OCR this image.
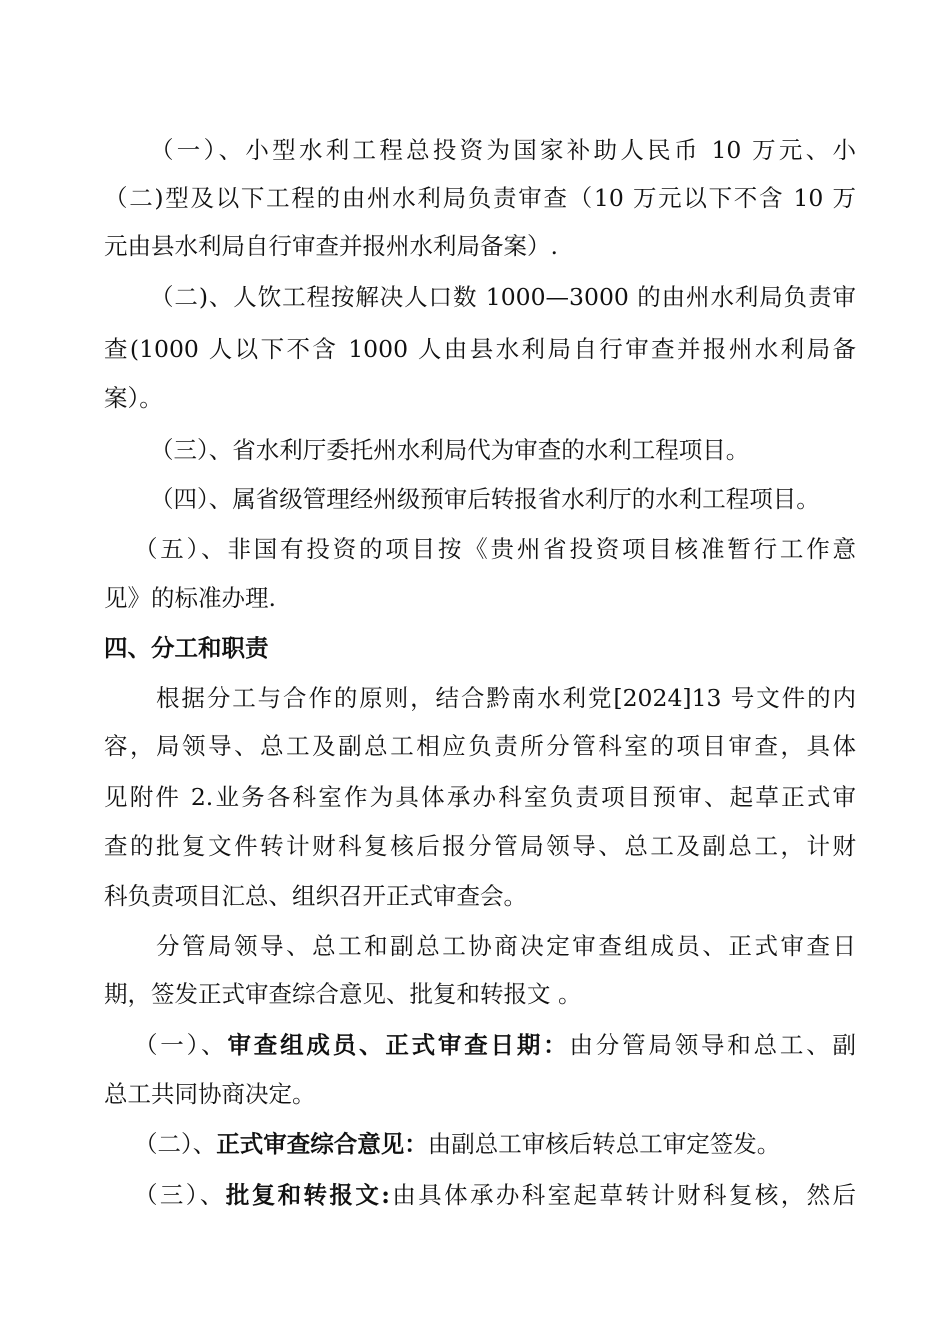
（一）、小型水利工程总投资为国家补助人民币 10 万元、小
（二)型及以下工程的由州水利局负责审查（10 万元以下不含 10 万
元由县水利局自行审查并报州水利局备案）.
（二)、人饮工程按解决人口数 1000—3000 的由州水利局负责审
查(1000 人以下不含 1000 人由县水利局自行审查并报州水利局备
案）。
（三）、省水利厅委托州水利局代为审查的水利工程项目。
（四）、属省级管理经州级预审后转报省水利厅的水利工程项目。
（五）、非国有投资的项目按《贵州省投资项目核准暂行工作意
见》的标准办理.
四、分工和职责
根据分工与合作的原则，结合黔南水利党[2024]13 号文件的内
容，局领导、总工及副总工相应负责所分管科室的项目审查，具体
见附件 2.业务各科室作为具体承办科室负责项目预审、起草正式审
查的批复文件转计财科复核后报分管局领导、总工及副总工，计财
科负责项目汇总、组织召开正式审查会。
分管局领导、总工和副总工协商决定审查组成员、正式审查日
期，签发正式审查综合意见、批复和转报文 。
（一）、审查组成员、正式审查日期：由分管局领导和总工、副
总工共同协商决定。
（二）、正式审查综合意见：由副总工审核后转总工审定签发。
（三）、批复和转报文:由具体承办科室起草转计财科复核，然后
